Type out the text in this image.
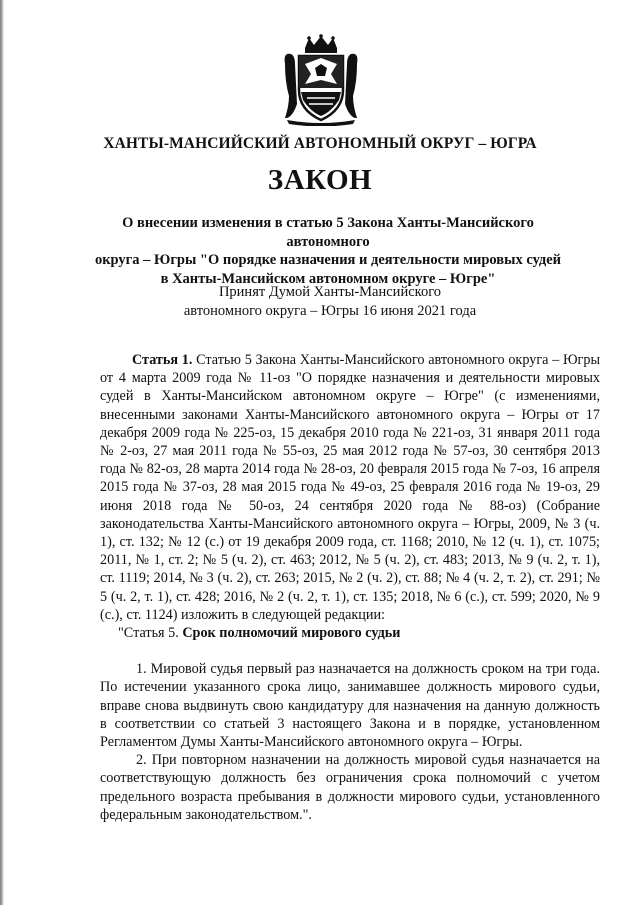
ХАНТЫ-МАНСИЙСКИЙ АВТОНОМНЫЙ ОКРУГ – ЮГРА
ЗАКОН
О внесении изменения в статью 5 Закона Ханты-Мансийского автономного
округа – Югры "О порядке назначения и деятельности мировых судей
в Ханты-Мансийском автономном округе – Югре"
Принят Думой Ханты-Мансийского
автономного округа – Югры 16 июня 2021 года

Статья 1. Статью 5 Закона Ханты-Мансийского автономного округа – Югры от 4 марта 2009 года № 11-оз "О порядке назначения и деятельности мировых судей в Ханты-Мансийском автономном округе – Югре" (с изменениями, внесенными законами Ханты-Мансийского автономного округа – Югры от 17 декабря 2009 года № 225-оз, 15 декабря 2010 года № 221-оз, 31 января 2011 года № 2-оз, 27 мая 2011 года № 55-оз, 25 мая 2012 года № 57-оз, 30 сентября 2013 года № 82-оз, 28 марта 2014 года № 28-оз, 20 февраля 2015 года № 7-оз, 16 апреля 2015 года № 37-оз, 28 мая 2015 года № 49-оз, 25 февраля 2016 года № 19-оз, 29 июня 2018 года № 50-оз, 24 сентября 2020 года № 88-оз) (Собрание законодательства Ханты-Мансийского автономного округа – Югры, 2009, № 3 (ч. 1), ст. 132; № 12 (с.) от 19 декабря 2009 года, ст. 1168; 2010, № 12 (ч. 1), ст. 1075; 2011, № 1, ст. 2; № 5 (ч. 2), ст. 463; 2012, № 5 (ч. 2), ст. 483; 2013, № 9 (ч. 2, т. 1), ст. 1119; 2014, № 3 (ч. 2), ст. 263; 2015, № 2 (ч. 2), ст. 88; № 4 (ч. 2, т. 2), ст. 291; № 5 (ч. 2, т. 1), ст. 428; 2016, № 2 (ч. 2, т. 1), ст. 135; 2018, № 6 (с.), ст. 599; 2020, № 9 (с.), ст. 1124) изложить в следующей редакции:

"Статья 5. Срок полномочий мирового судьи

1. Мировой судья первый раз назначается на должность сроком на три года. По истечении указанного срока лицо, занимавшее должность мирового судьи, вправе снова выдвинуть свою кандидатуру для назначения на данную должность в соответствии со статьей 3 настоящего Закона и в порядке, установленном Регламентом Думы Ханты-Мансийского автономного округа – Югры.

2. При повторном назначении на должность мировой судья назначается на соответствующую должность без ограничения срока полномочий с учетом предельного возраста пребывания в должности мирового судьи, установленного федеральным законодательством.".
